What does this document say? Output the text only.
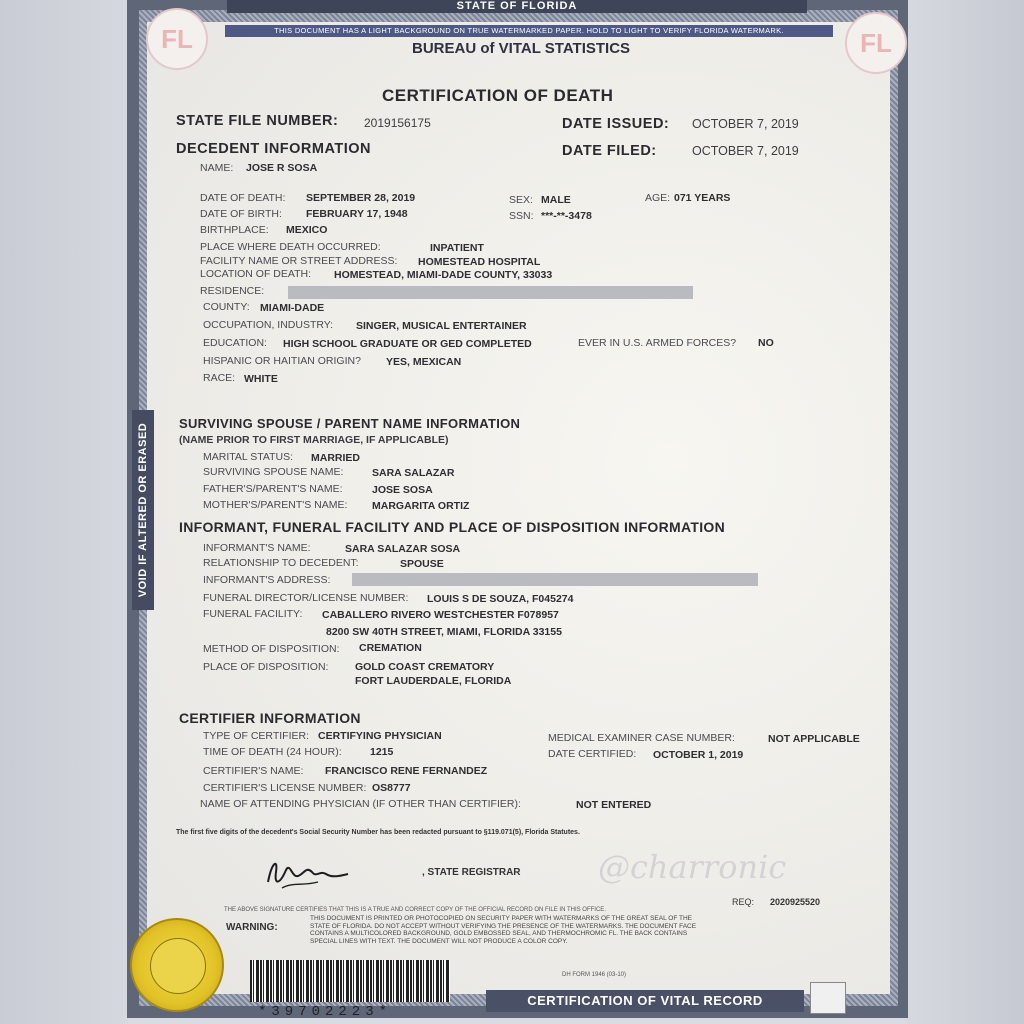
STATE OF FLORIDA
THIS DOCUMENT HAS A LIGHT BACKGROUND ON TRUE WATERMARKED PAPER. HOLD TO LIGHT TO VERIFY FLORIDA WATERMARK.
FL	FL
BUREAU of VITAL STATISTICS
CERTIFICATION OF DEATH
STATE FILE NUMBER: 2019156175	DATE ISSUED: OCTOBER 7, 2019
DECEDENT INFORMATION	DATE FILED:	OCTOBER 7, 2019
NAME: JOSE R SOSA
DATE OF DEATH: SEPTEMBER 28, 2019	SEX: MALE	AGE: 071 YEARS
DATE OF BIRTH: FEBRUARY 17, 1948	SSN: ***-**-3478
BIRTHPLACE: MEXICO
PLACE WHERE DEATH OCCURRED:	INPATIENT
FACILITY NAME OR STREET ADDRESS: HOMESTEAD HOSPITAL
LOCATION OF DEATH: HOMESTEAD, MIAMI-DADE COUNTY, 33033
RESIDENCE:
COUNTY: MIAMI-DADE
OCCUPATION, INDUSTRY: SINGER, MUSICAL ENTERTAINER
EDUCATION: HIGH SCHOOL GRADUATE OR GED COMPLETED	EVER IN U.S. ARMED FORCES? NO
HISPANIC OR HAITIAN ORIGIN? YES, MEXICAN
RACE: WHITE
VOID IF ALTERED OR ERASED SURVIVING SPOUSE / PARENT NAME INFORMATION
(NAME PRIOR TO FIRST MARRIAGE, IF APPLICABLE)
MARITAL STATUS: MARRIED
SURVIVING SPOUSE NAME:	SARA SALAZAR
FATHER'S/PARENT'S NAME:	JOSE SOSA
MOTHER'S/PARENT'S NAME: MARGARITA ORTIZ
INFORMANT, FUNERAL FACILITY AND PLACE OF DISPOSITION INFORMATION
INFORMANT'S NAME:	SARA SALAZAR SOSA
RELATIONSHIP TO DECEDENT:	SPOUSE
INFORMANT'S ADDRESS:
FUNERAL DIRECTOR/LICENSE NUMBER: LOUIS S DE SOUZA, F045274
FUNERAL FACILITY: CABALLERO RIVERO WESTCHESTER F078957
8200 SW 40TH STREET, MIAMI, FLORIDA 33155
METHOD OF DISPOSITION: CREMATION
PLACE OF DISPOSITION:	GOLD COAST CREMATORY
FORT LAUDERDALE, FLORIDA
CERTIFIER INFORMATION
TYPE OF CERTIFIER: CERTIFYING PHYSICIAN	MEDICAL EXAMINER CASE NUMBER:	NOT APPLICABLE
TIME OF DEATH (24 HOUR):	1215	DATE CERTIFIED: OCTOBER 1, 2019
CERTIFIER'S NAME: FRANCISCO RENE FERNANDEZ
CERTIFIER'S LICENSE NUMBER: OS8777
NAME OF ATTENDING PHYSICIAN (IF OTHER THAN CERTIFIER):	NOT ENTERED
The first five digits of the decedent's Social Security Number has been redacted pursuant to §119.071(5), Florida Statutes.
, STATE REGISTRAR @charronic
REQ: 2020925520
THE ABOVE SIGNATURE CERTIFIES THAT THIS IS A TRUE AND CORRECT COPY OF THE OFFICIAL RECORD ON FILE IN THIS OFFICE.
WARNING:
THIS DOCUMENT IS PRINTED OR PHOTOCOPIED ON SECURITY PAPER WITH WATERMARKS OF THE GREAT SEAL OF THE STATE OF FLORIDA. DO NOT ACCEPT WITHOUT VERIFYING THE PRESENCE OF THE WATERMARKS. THE DOCUMENT FACE CONTAINS A MULTICOLORED BACKGROUND, GOLD EMBOSSED SEAL, AND THERMOCHROMIC FL. THE BACK CONTAINS SPECIAL LINES WITH TEXT. THE DOCUMENT WILL NOT PRODUCE A COLOR COPY.
DH FORM 1946 (03-10)
*39702223*
CERTIFICATION OF VITAL RECORD
